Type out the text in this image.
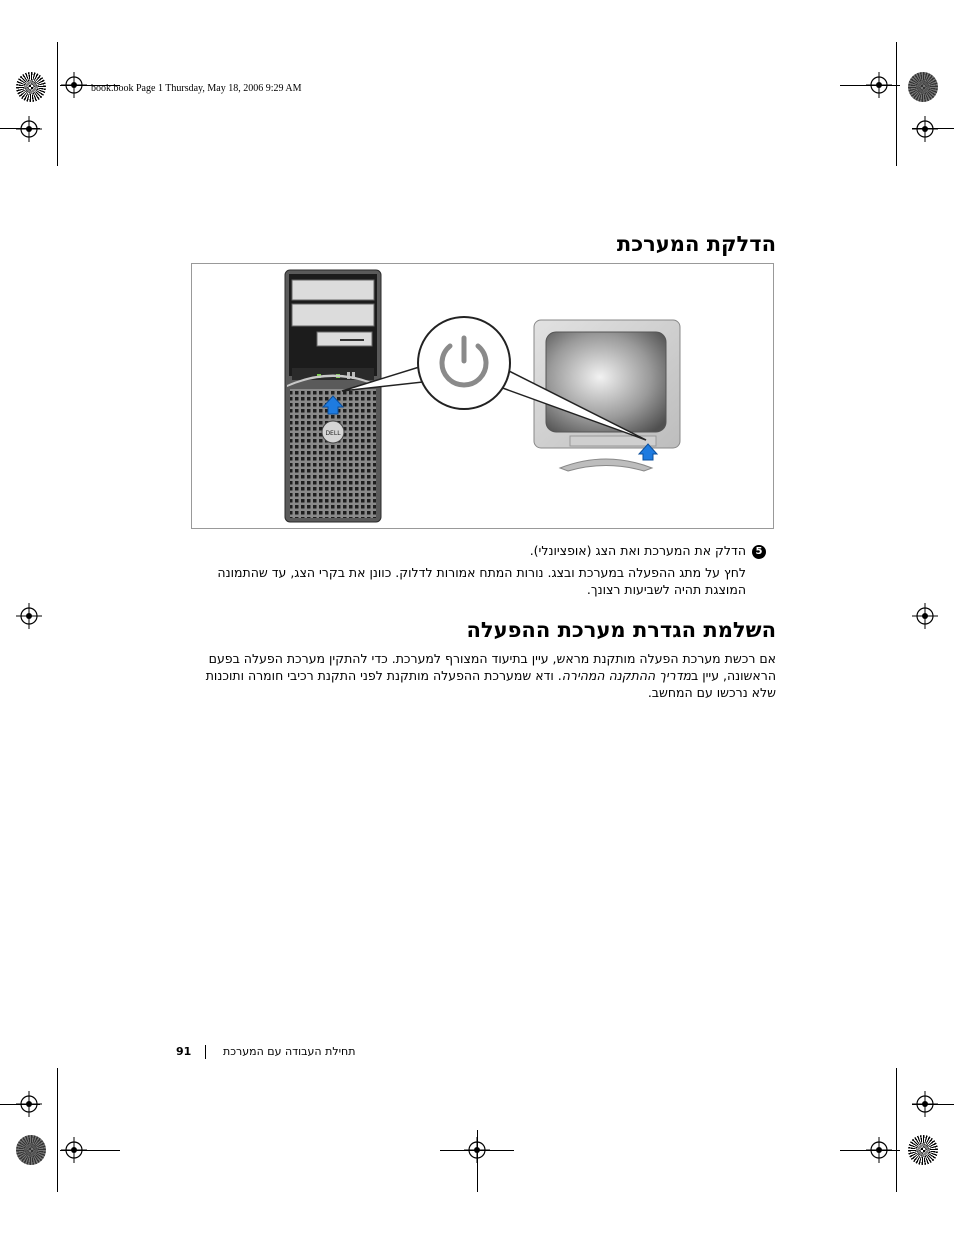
book.book Page 1 Thursday, May 18, 2006 9:29 AM
הדלקת המערכת
DELL
5הדלק את המערכת ואת הצג (אופציונלי).
לחץ על מתג ההפעלה במערכת ובצג. נורות המתח אמורות לדלוק. כוונן את בקרי הצג, עד שהתמונה המוצגת תהיה לשביעות רצונך.
השלמת הגדרת מערכת ההפעלה
אם רכשת מערכת הפעלה מותקנת מראש, עיין בתיעוד המצורף למערכת. כדי להתקין מערכת הפעלה בפעם הראשונה, עיין במדריך ההתקנה המהירה. ודא שמערכת ההפעלה מותקנת לפני התקנת רכיבי חומרה ותוכנות שלא נרכשו עם המחשב.
91	תחילת העבודה עם המערכת
